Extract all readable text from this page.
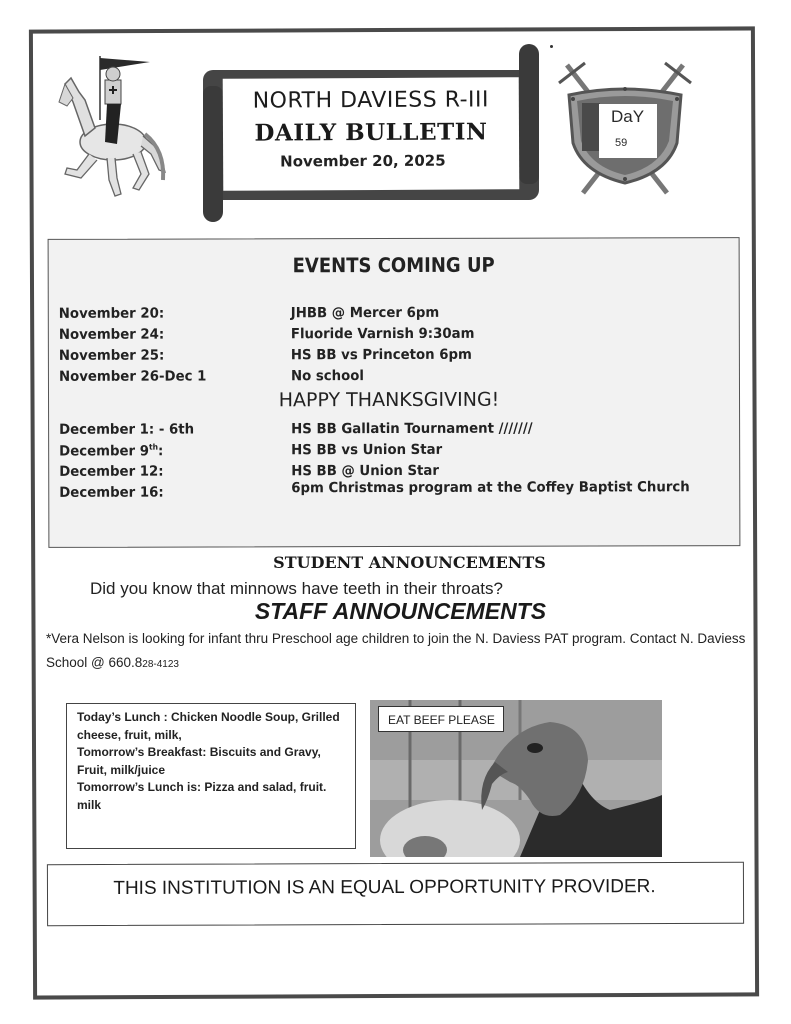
NORTH DAVIESS R-III
DAILY BULLETIN
November 20, 2025
DaY
59
EVENTS COMING UP
November 20:	JHBB @ Mercer 6pm
November 24:	Fluoride Varnish 9:30am
November 25:	HS BB vs Princeton 6pm
November 26-Dec 1	No school
HAPPY THANKSGIVING!
December 1: - 6th	HS BB Gallatin Tournament ///////
December 9th:	HS BB vs Union Star
December 12:	HS BB @ Union Star
December 16:	6pm Christmas program at the Coffey Baptist Church
STUDENT ANNOUNCEMENTS
Did you know that minnows have teeth in their throats?
STAFF ANNOUNCEMENTS
*Vera Nelson is looking for infant thru Preschool age children to join the N. Daviess PAT program. Contact N. Daviess School @ 660.828-4123
Today’s Lunch : Chicken Noodle Soup, Grilled
cheese, fruit, milk,
Tomorrow’s Breakfast: Biscuits and Gravy,
Fruit, milk/juice
Tomorrow’s Lunch is: Pizza and salad, fruit.
milk
EAT BEEF PLEASE
THIS INSTITUTION IS AN EQUAL OPPORTUNITY PROVIDER.
